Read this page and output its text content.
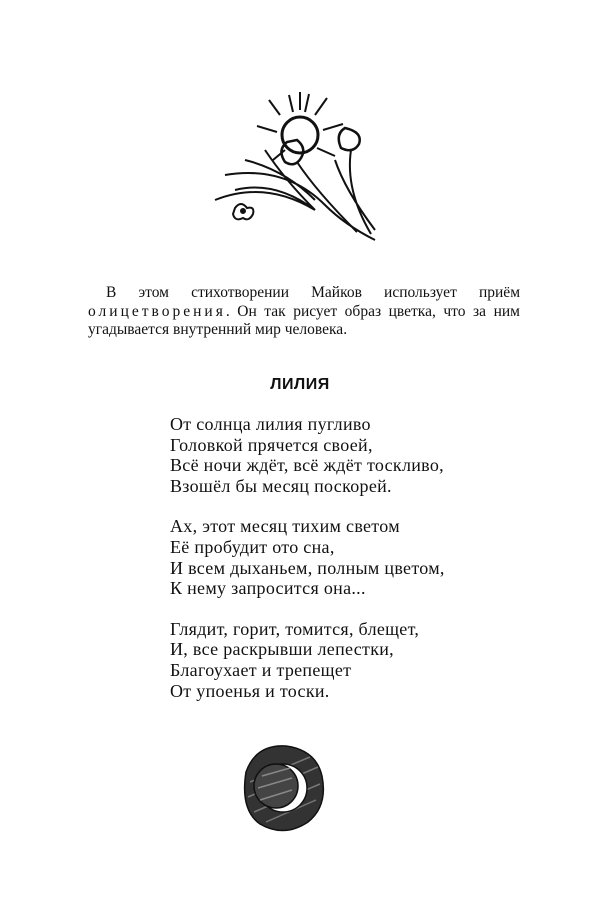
В этом стихотворении Майков использует приём олицетворения. Он так рисует образ цветка, что за ним угадывается внутренний мир человека.

ЛИЛИЯ
От солнца лилия пугливо
Головкой прячется своей,
Всё ночи ждёт, всё ждёт тоскливо,
Взошёл бы месяц поскорей.
Ах, этот месяц тихим светом
Её пробудит ото сна,
И всем дыханьем, полным цветом,
К нему запросится она...
Глядит, горит, томится, блещет,
И, все раскрывши лепестки,
Благоухает и трепещет
От упоенья и тоски.
